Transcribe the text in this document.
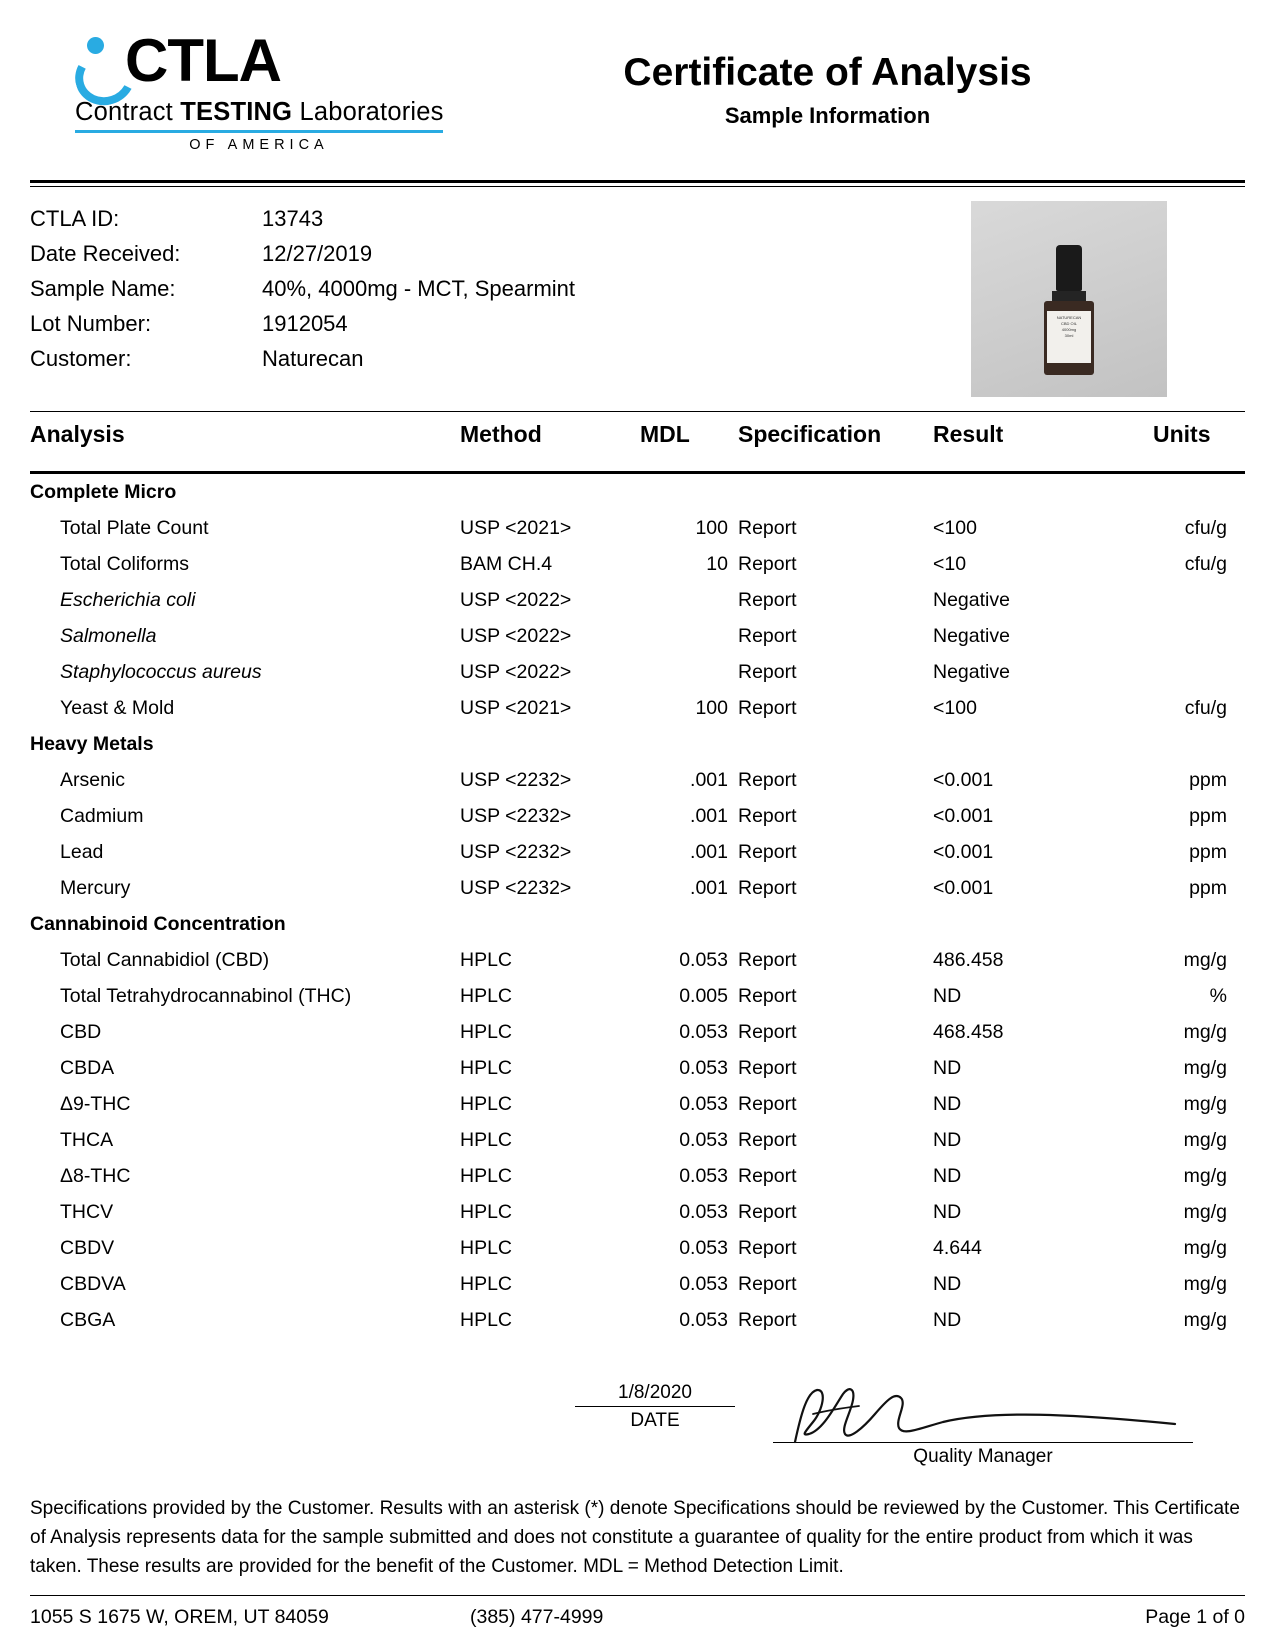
CTLA
Contract TESTING Laboratories
OF AMERICA
Certificate of Analysis
Sample Information
CTLA ID:	13743
Date Received:	12/27/2019
Sample Name:	40%, 4000mg - MCT, Spearmint
Lot Number:	1912054
Customer:	Naturecan
NATURECAN
CBD OIL
4000mg
30ml
Analysis	Method	MDL	Specification	Result	Units

Complete Micro					
Total Plate Count	USP <2021>	100	Report	<100	cfu/g
Total Coliforms	BAM CH.4	10	Report	<10	cfu/g
Escherichia coli	USP <2022>		Report	Negative	
Salmonella	USP <2022>		Report	Negative	
Staphylococcus aureus	USP <2022>		Report	Negative	
Yeast & Mold	USP <2021>	100	Report	<100	cfu/g
Heavy Metals					
Arsenic	USP <2232>	.001	Report	<0.001	ppm
Cadmium	USP <2232>	.001	Report	<0.001	ppm
Lead	USP <2232>	.001	Report	<0.001	ppm
Mercury	USP <2232>	.001	Report	<0.001	ppm
Cannabinoid Concentration					
Total Cannabidiol (CBD)	HPLC	0.053	Report	486.458	mg/g
Total Tetrahydrocannabinol (THC)	HPLC	0.005	Report	ND	%
CBD	HPLC	0.053	Report	468.458	mg/g
CBDA	HPLC	0.053	Report	ND	mg/g
Δ9-THC	HPLC	0.053	Report	ND	mg/g
THCA	HPLC	0.053	Report	ND	mg/g
Δ8-THC	HPLC	0.053	Report	ND	mg/g
THCV	HPLC	0.053	Report	ND	mg/g
CBDV	HPLC	0.053	Report	4.644	mg/g
CBDVA	HPLC	0.053	Report	ND	mg/g
CBGA	HPLC	0.053	Report	ND	mg/g
1/8/2020
DATE
Quality Manager
Specifications provided by the Customer. Results with an asterisk (*) denote Specifications should be reviewed by the Customer. This Certificate of Analysis represents data for the sample submitted and does not constitute a guarantee of quality for the entire product from which it was taken. These results are provided for the benefit of the Customer. MDL = Method Detection Limit.
1055 S 1675 W, OREM, UT 84059	(385) 477-4999	Page 1 of 0
